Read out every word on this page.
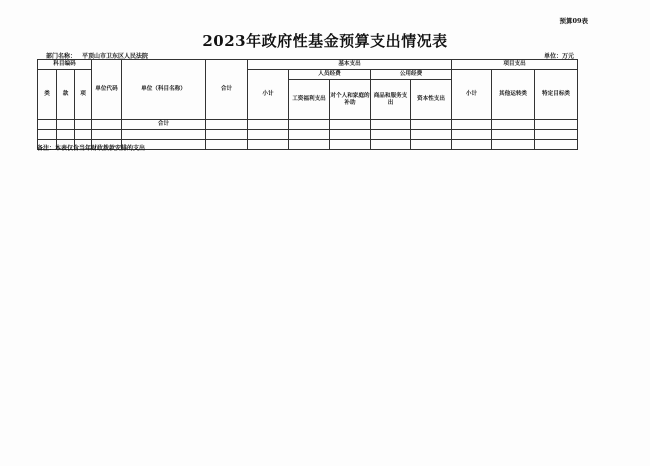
预算09表
2023年政府性基金预算支出情况表
部门名称： 平顶山市卫东区人民法院	单位：万元
科目编码			单位代码	单位（科目名称）	合计	基本支出					项目支出		
类	款	项				小计	人员经费		公用经费		小计	其他运转类	特定目标类
							工资福利支出	对个人和家庭的补助	商品和服务支出	资本性支出			
				合计									

备注：本表仅含当年财政拨款安排的支出
